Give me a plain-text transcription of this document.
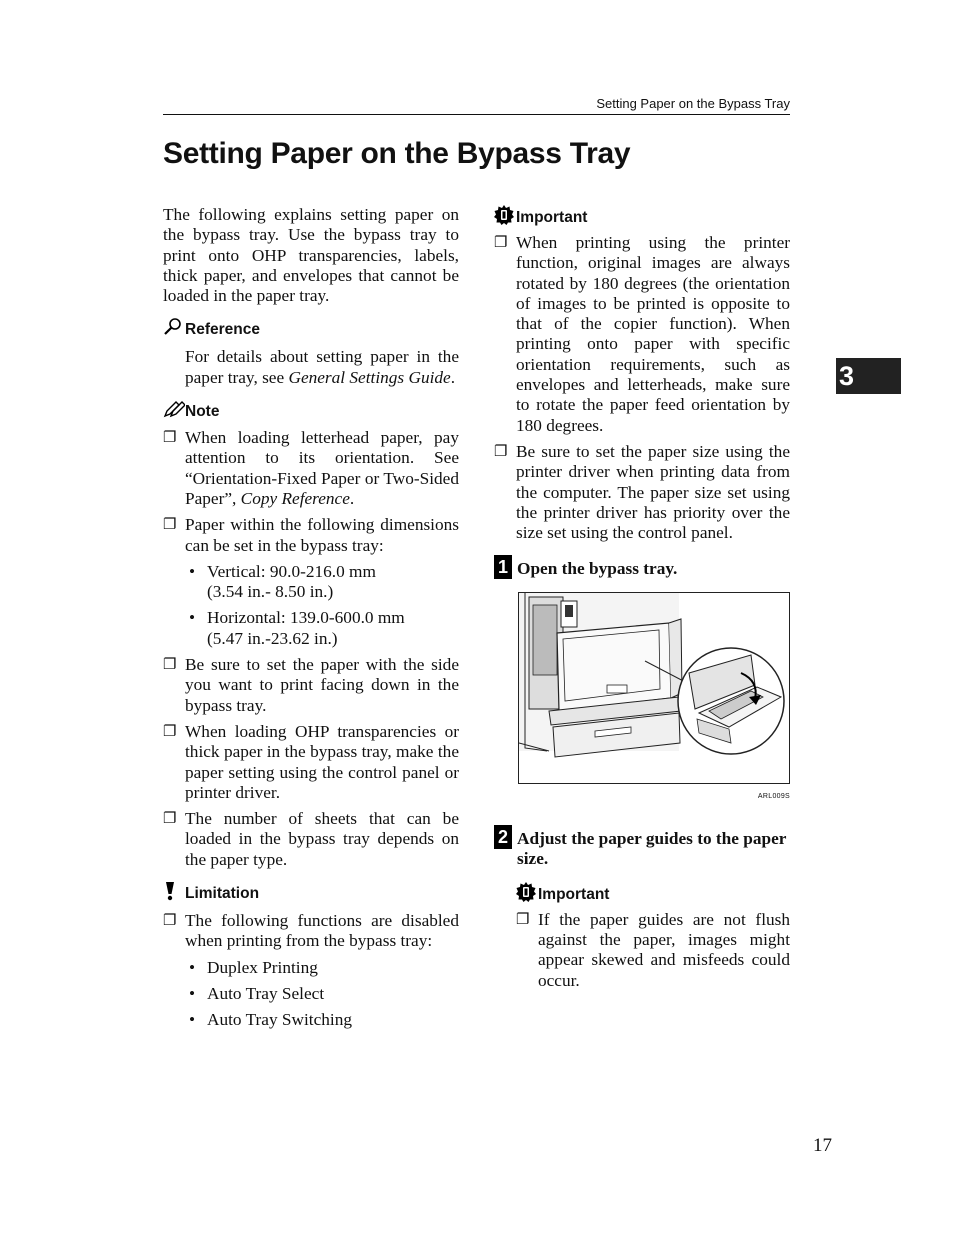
Setting Paper on the Bypass Tray
Setting Paper on the Bypass Tray

The following explains setting paper on the bypass tray. Use the bypass tray to print onto OHP transparencies, labels, thick paper, and envelopes that cannot be loaded in the paper tray.

Reference

For details about setting paper in the paper tray, see General Settings Guide.

Note
❐ When loading letterhead paper, pay attention to its orientation. See “Orientation-Fixed Paper or Two-Sided Paper”, Copy Reference.
❐ Paper within the following dimensions can be set in the bypass tray:
• Vertical: 90.0-216.0 mm
(3.54 in.- 8.50 in.)
• Horizontal: 139.0-600.0 mm
(5.47 in.-23.62 in.)
❐ Be sure to set the paper with the side you want to print facing down in the bypass tray.
❐ When loading OHP transparencies or thick paper in the bypass tray, make the paper setting using the control panel or printer driver.
❐ The number of sheets that can be loaded in the bypass tray depends on the paper type.
Limitation
❐ The following functions are disabled when printing from the bypass tray:
• Duplex Printing
• Auto Tray Select
• Auto Tray Switching
Important
❐ When printing using the printer function, original images are always rotated by 180 degrees (the orientation of images to be printed is opposite to that of the copier function). When printing onto paper with specific orientation requirements, such as envelopes and letterheads, make sure to rotate the paper feed orientation by 180 degrees.
❐ Be sure to set the paper size using the printer driver when printing data from the computer. The paper size set using the printer driver has priority over the size set using the control panel.
1 Open the bypass tray.
ARL009S
2 Adjust the paper guides to the paper size.
Important
❐ If the paper guides are not flush against the paper, images might appear skewed and misfeeds could occur.
3
17
